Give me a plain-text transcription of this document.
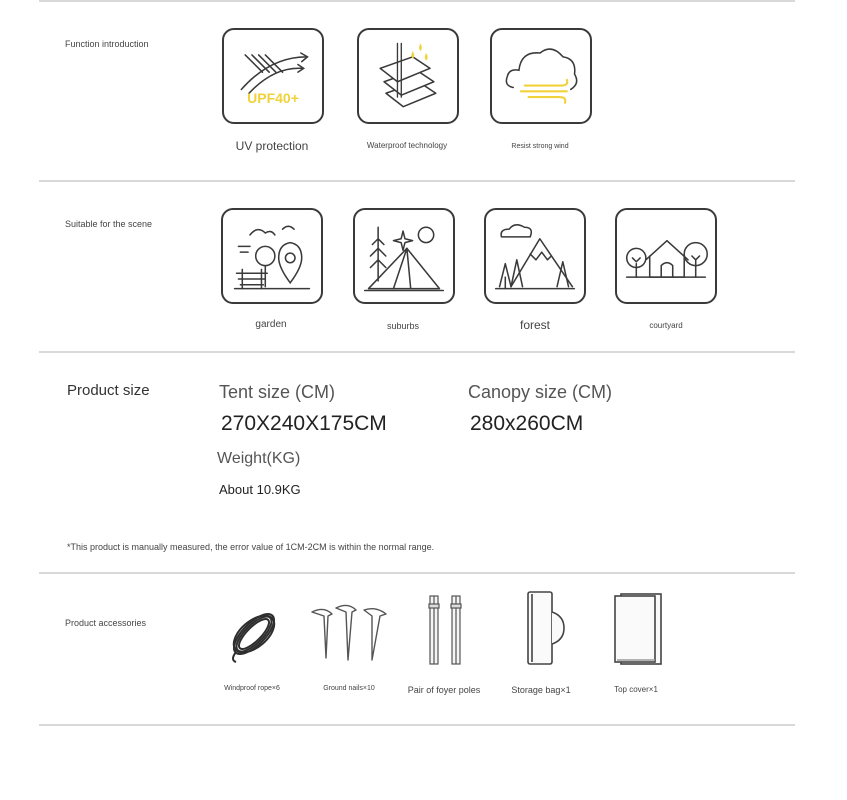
Function introduction
UPF40+
UV protection	Waterproof technology	Resist strong wind
Suitable for the scene
garden	suburbs	forest	courtyard
Product size	Tent size (CM)
270X240X175CM
Canopy size (CM)
280x260CM
Weight(KG)
About 10.9KG
*This product is manually measured, the error value of 1CM-2CM is within the normal range.
Product accessories
Windproof rope×6	Ground nails×10	Pair of foyer poles	Storage bag×1	Top cover×1
